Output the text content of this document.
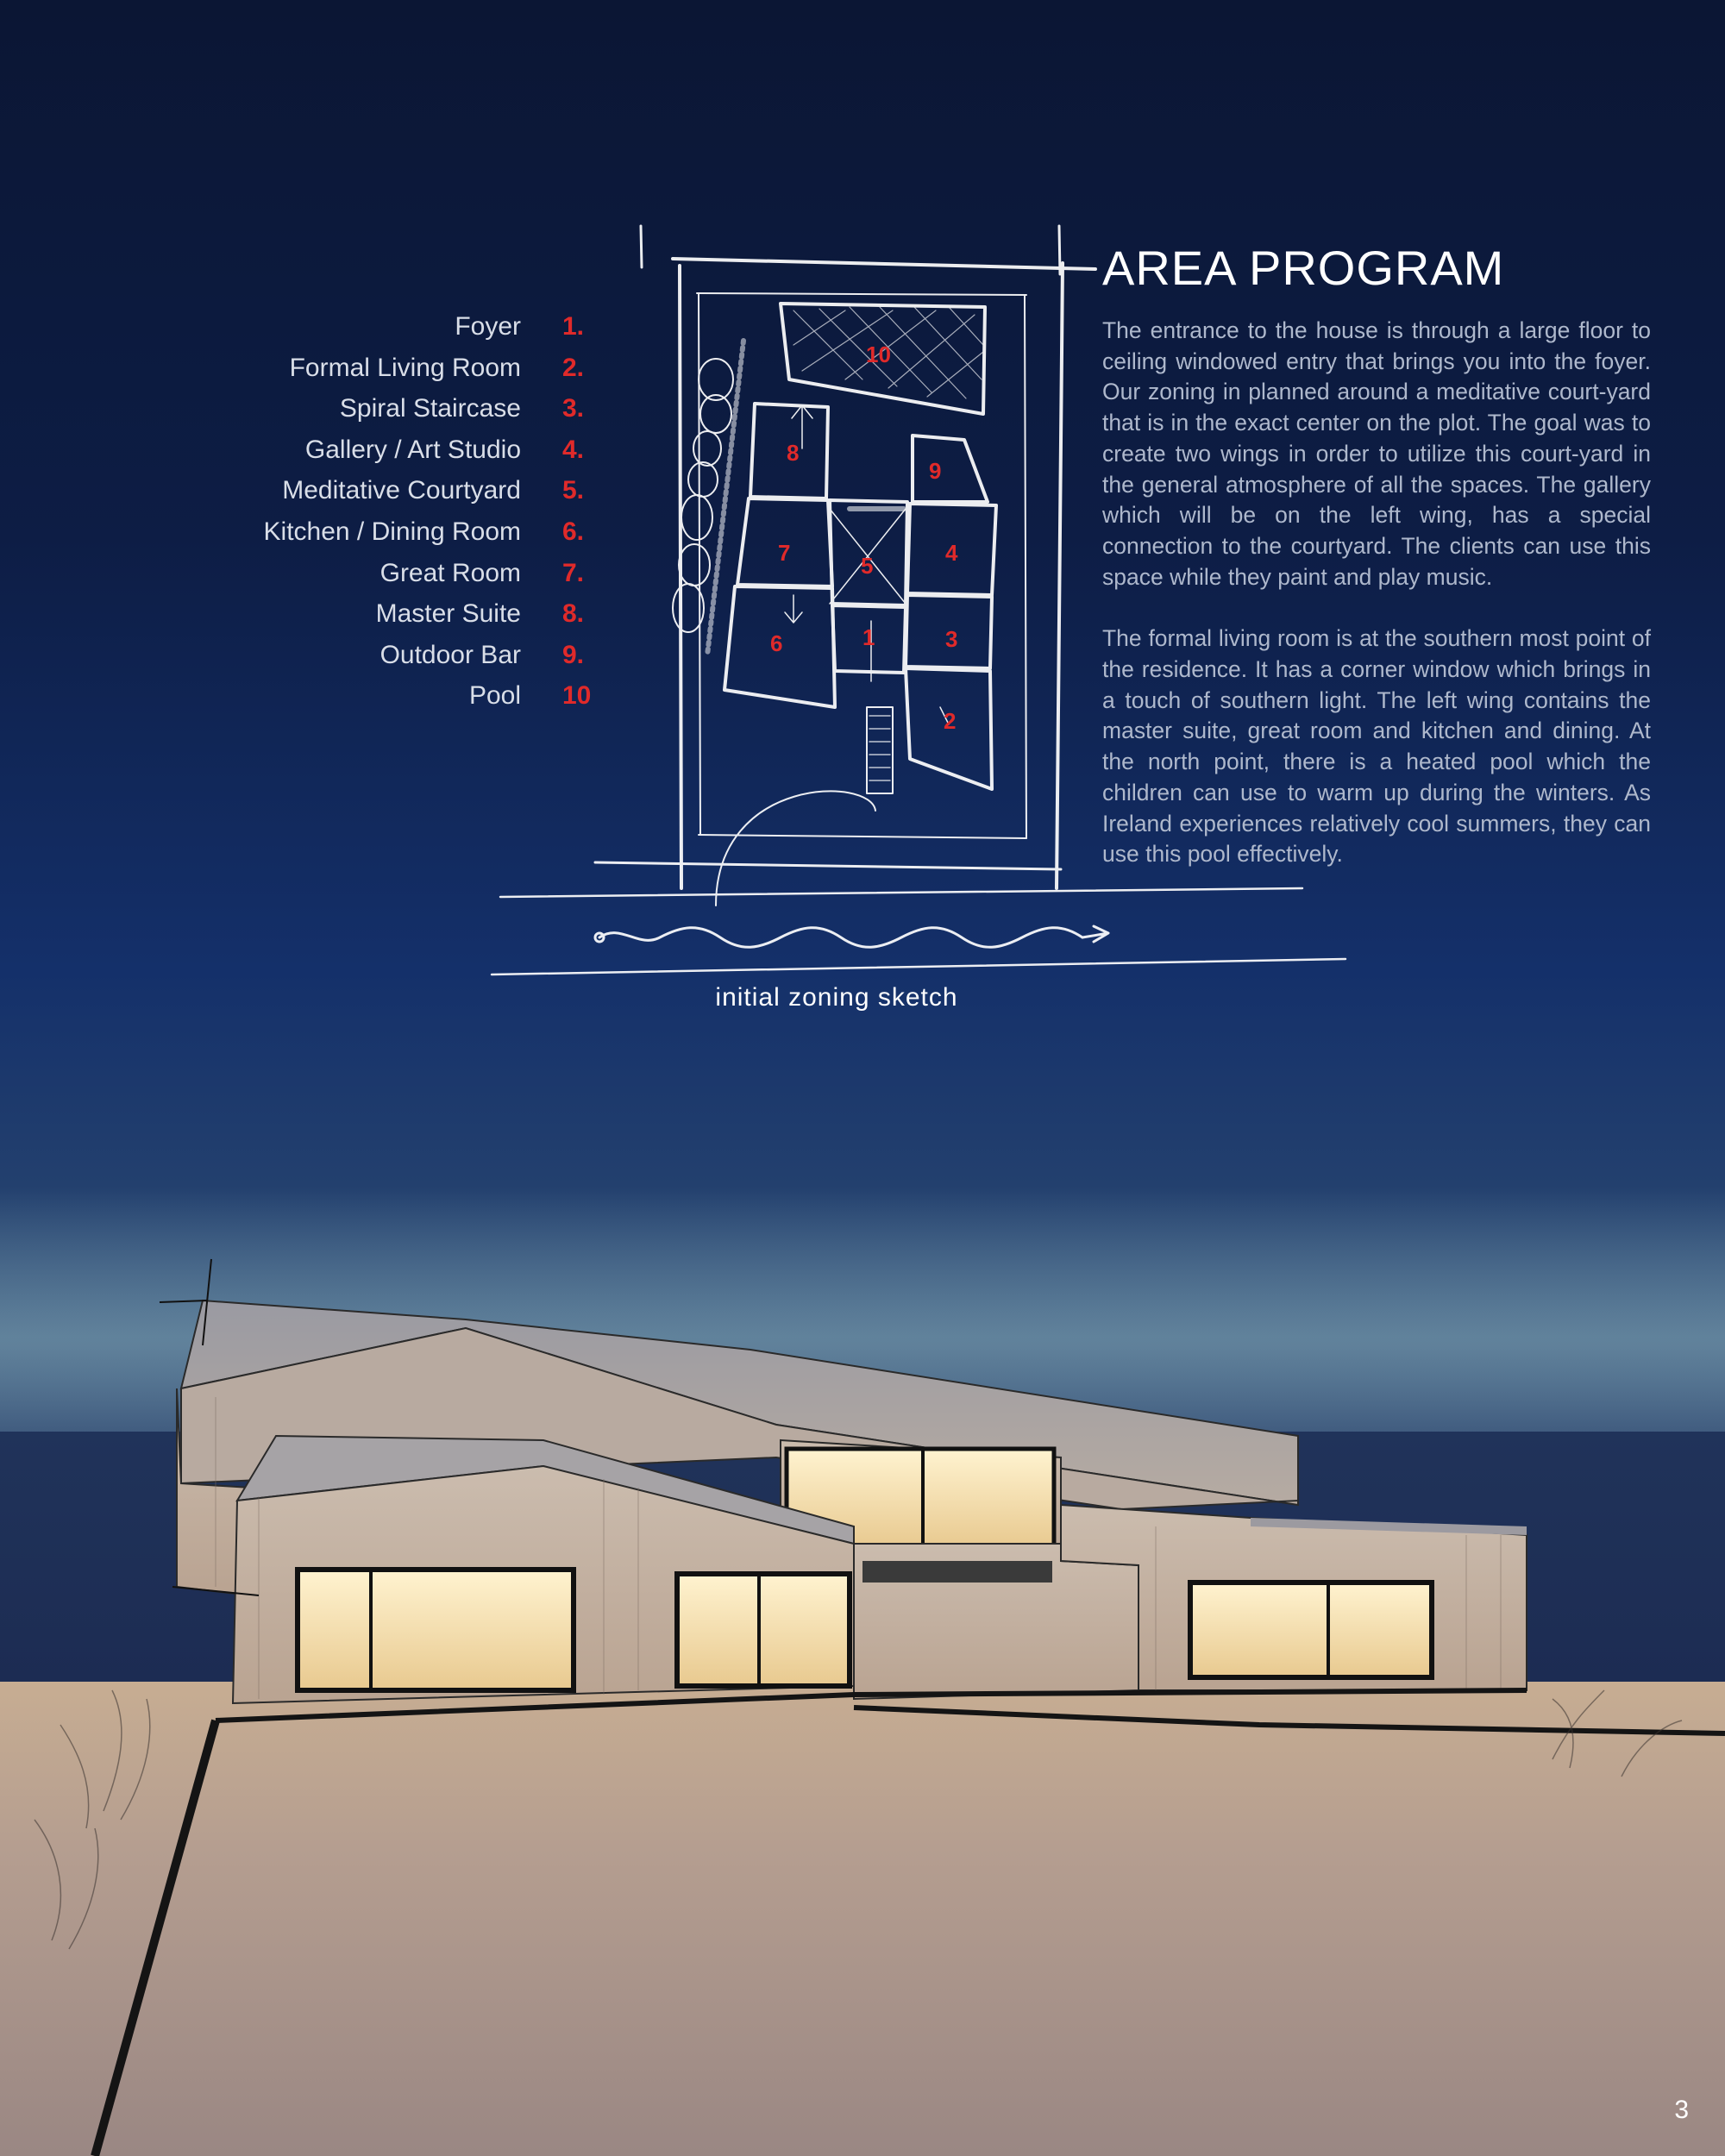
10
8
9
7	5	4
6	1	3
2
Foyer 1.
Formal Living Room 2.
Spiral Staircase 3.
Gallery / Art Studio 4.
Meditative Courtyard 5.
Kitchen / Dining Room 6.
Great Room 7.
Master Suite 8.
Outdoor Bar 9.
Pool 10
AREA PROGRAM

The entrance to the house is through a large floor to ceiling windowed entry that brings you into the foyer. Our zoning in planned around a meditative court-yard that is in the exact center on the plot. The goal was to create two wings in order to utilize this court-yard in the general atmosphere of all the spaces. The gallery which will be on the left wing, has a special connection to the courtyard. The clients can use this space while they paint and play music.

The formal living room is at the southern most point of the residence. It has a corner window which brings in a touch of southern light. The left wing contains the master suite, great room and kitchen and dining. At the north point, there is a heated pool which the children can use to warm up during the winters. As Ireland experiences relatively cool summers, they can use this pool effectively.

initial zoning sketch
3
